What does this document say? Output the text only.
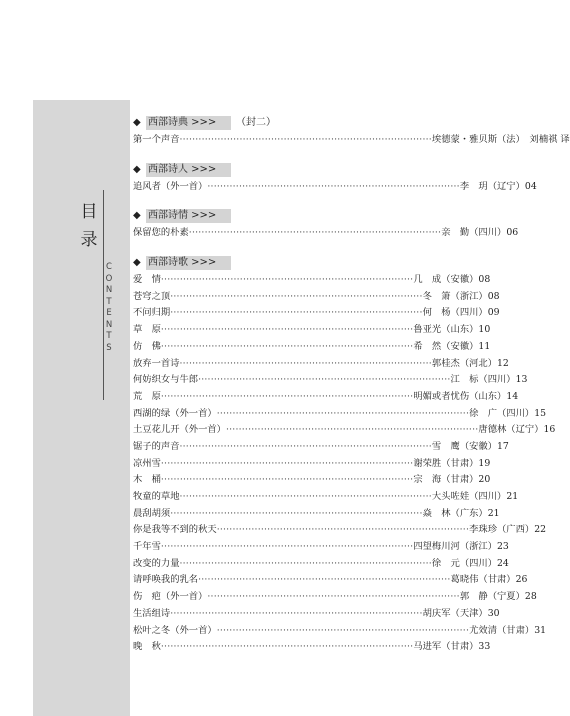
目
录
C
O
N
T
E
N
T
S
◆ 西部诗典 >>> （封二）
第一个声音 ················································································ 埃德蒙・雅贝斯（法）　刘楠祺 译
◆ 西部诗人 >>>
追风者（外一首） ················································································ 李　玥（辽宁） 04
◆ 西部诗情 >>>
保留您的朴素 ················································································ 亲　勤（四川） 06
◆ 西部诗歌 >>>
爱　情 ················································································ 几　成（安徽） 08
苍穹之顶 ················································································ 冬　箫（浙江） 08
不问归期 ················································································ 何　杨（四川） 09
草　原 ················································································ 鲁亚光（山东） 10
仿　佛 ················································································ 希　然（安徽） 11
放弃一首诗 ················································································ 郭桂杰（河北） 12
何妨织女与牛郎 ················································································ 江　标（四川） 13
荒　原 ················································································ 明媚或者忧伤（山东） 14
西湖的绿（外一首） ················································································ 徐　广（四川） 15
土豆花儿开（外一首） ················································································ 唐德林（辽宁） 16
锯子的声音 ················································································ 雪　鹰（安徽） 17
凉州雪 ················································································ 谢荣胜（甘肃） 19
木　桶 ················································································ 宗　海（甘肃） 20
牧童的草地 ················································································ 大头咗娃（四川） 21
晨刮胡须 ················································································ 焱　林（广东） 21
你是我等不到的秋天 ················································································ 李珠珍（广西） 22
千年雪 ················································································ 四望梅川河（浙江） 23
改变的力量 ················································································ 徐　元（四川） 24
请呼唤我的乳名 ················································································ 葛晓伟（甘肃） 26
伤　疤（外一首） ················································································ 郭　静（宁夏） 28
生活组诗 ················································································ 胡庆军（天津） 30
松叶之冬（外一首） ················································································ 尤效清（甘肃） 31
晚　秋 ················································································ 马进军（甘肃） 33
